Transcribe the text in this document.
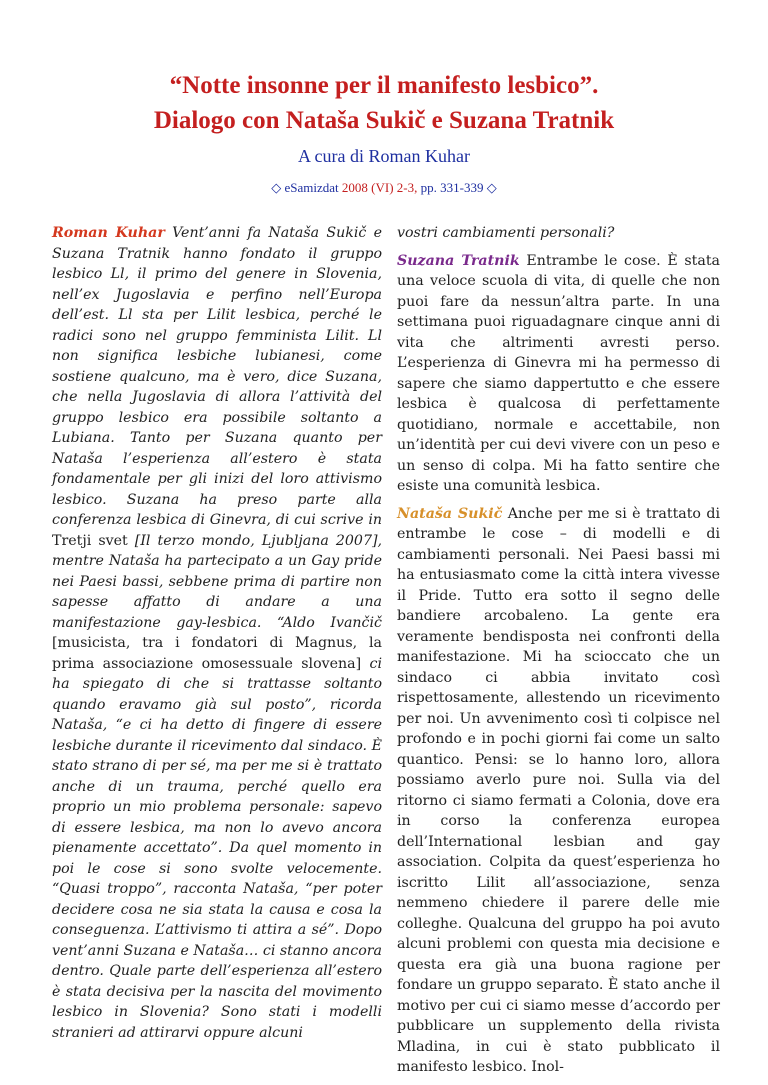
“Notte insonne per il manifesto lesbico”.
Dialogo con Nataša Sukič e Suzana Tratnik
A cura di Roman Kuhar
◇ eSamizdat 2008 (VI) 2-3, pp. 331-339 ◇

Roman Kuhar Vent’anni fa Nataša Sukič e Suzana Tratnik hanno fondato il gruppo lesbico Ll, il primo del genere in Slovenia, nell’ex Jugoslavia e perfino nell’Europa dell’est. Ll sta per Lilit lesbica, perché le radici sono nel gruppo femminista Lilit. Ll non significa lesbiche lubianesi, come sostiene qualcuno, ma è vero, dice Suzana, che nella Jugoslavia di allora l’attività del gruppo lesbico era possibile soltanto a Lubiana. Tanto per Suzana quanto per Nataša l’esperienza all’estero è stata fondamentale per gli inizi del loro attivismo lesbico. Suzana ha preso parte alla conferenza lesbica di Ginevra, di cui scrive in Tretji svet [Il terzo mondo, Ljubljana 2007], mentre Nataša ha partecipato a un Gay pride nei Paesi bassi, sebbene prima di partire non sapesse affatto di andare a una manifestazione gay-lesbica. “Aldo Ivančič [musicista, tra i fondatori di Magnus, la prima associazione omosessuale slovena] ci ha spiegato di che si trattasse soltanto quando eravamo già sul posto”, ricorda Nataša, “e ci ha detto di fingere di essere lesbiche durante il ricevimento dal sindaco. È stato strano di per sé, ma per me si è trattato anche di un trauma, perché quello era proprio un mio problema personale: sapevo di essere lesbica, ma non lo avevo ancora pienamente accettato”. Da quel momento in poi le cose si sono svolte velocemente. “Quasi troppo”, racconta Nataša, “per poter decidere cosa ne sia stata la causa e cosa la conseguenza. L’attivismo ti attira a sé”. Dopo vent’anni Suzana e Nataša… ci stanno ancora dentro. Quale parte dell’esperienza all’estero è stata decisiva per la nascita del movimento lesbico in Slovenia? Sono stati i modelli stranieri ad attirarvi oppure alcuni

vostri cambiamenti personali?

Suzana Tratnik Entrambe le cose. È stata una veloce scuola di vita, di quelle che non puoi fare da nessun’altra parte. In una settimana puoi riguadagnare cinque anni di vita che altrimenti avresti perso. L’esperienza di Ginevra mi ha permesso di sapere che siamo dappertutto e che essere lesbica è qualcosa di perfettamente quotidiano, normale e accettabile, non un’identità per cui devi vivere con un peso e un senso di colpa. Mi ha fatto sentire che esiste una comunità lesbica.

Nataša Sukič Anche per me si è trattato di entrambe le cose – di modelli e di cambiamenti personali. Nei Paesi bassi mi ha entusiasmato come la città intera vivesse il Pride. Tutto era sotto il segno delle bandiere arcobaleno. La gente era veramente bendisposta nei confronti della manifestazione. Mi ha scioccato che un sindaco ci abbia invitato così rispettosamente, allestendo un ricevimento per noi. Un avvenimento così ti colpisce nel profondo e in pochi giorni fai come un salto quantico. Pensi: se lo hanno loro, allora possiamo averlo pure noi. Sulla via del ritorno ci siamo fermati a Colonia, dove era in corso la conferenza europea dell’International lesbian and gay association. Colpita da quest’esperienza ho iscritto Lilit all’associazione, senza nemmeno chiedere il parere delle mie colleghe. Qualcuna del gruppo ha poi avuto alcuni problemi con questa mia decisione e questa era già una buona ragione per fondare un gruppo separato. È stato anche il motivo per cui ci siamo messe d’accordo per pubblicare un supplemento della rivista Mladina, in cui è stato pubblicato il manifesto lesbico. Inol-
